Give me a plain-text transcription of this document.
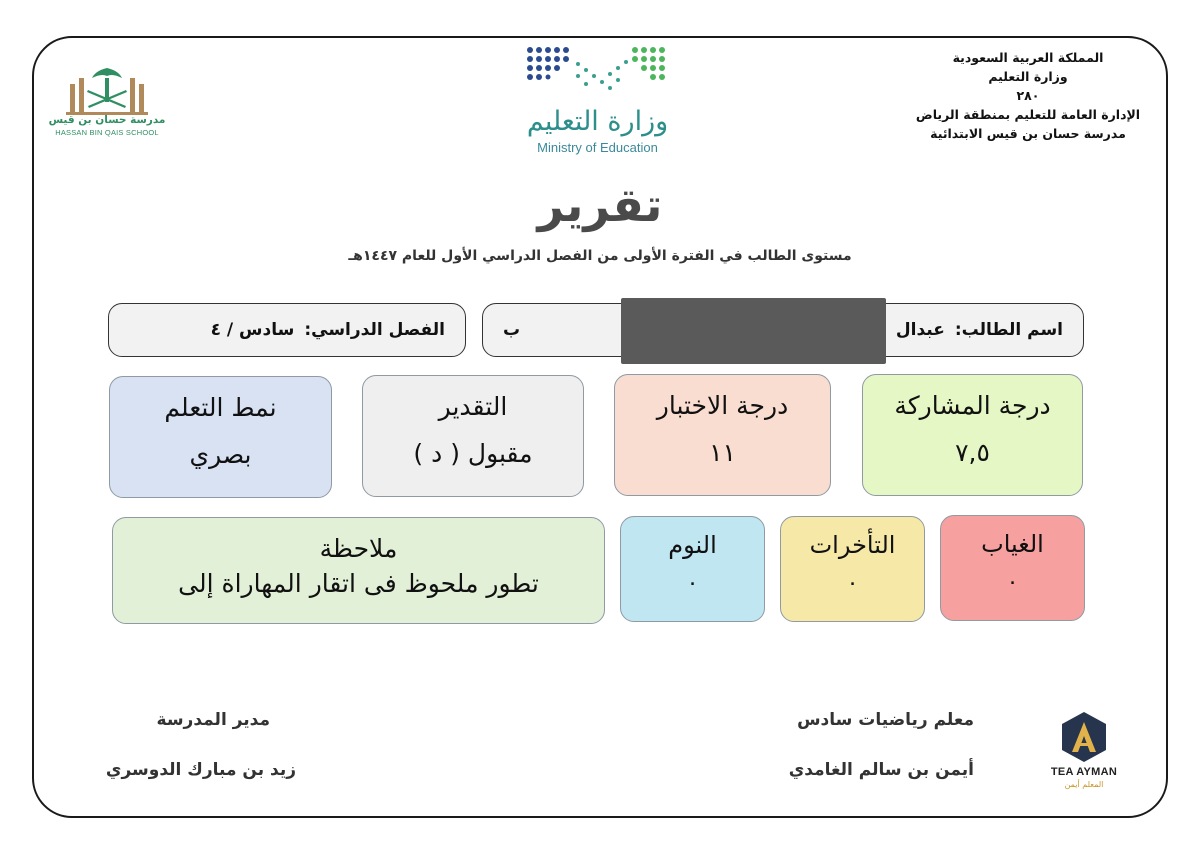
المملكة العربية السعودية
وزارة التعليم
٢٨٠
الإدارة العامة للتعليم بمنطقة الرياض
مدرسة حسان بن قيس الابتدائية
وزارة التعليم
Ministry of Education
مدرسة حسان بن قيس
HASSAN BIN QAIS SCHOOL
تقرير
مستوى الطالب في الفترة الأولى من الفصل الدراسي الأول للعام ١٤٤٧هـ
اسم الطالب:
عبدال
ب
الفصل الدراسي:
سادس / ٤
درجة المشاركة
٧,٥
درجة الاختبار
١١
التقدير
مقبول ( د )
نمط التعلم
بصري
الغياب
٠
التأخرات
٠
النوم
٠
ملاحظة
تطور ملحوظ فى اتقار المهاراة إلى
معلم رياضيات سادس
أيمن بن سالم الغامدي
مدير المدرسة
زيد بن مبارك الدوسري	TEA AYMAN
المعلم أيمن
